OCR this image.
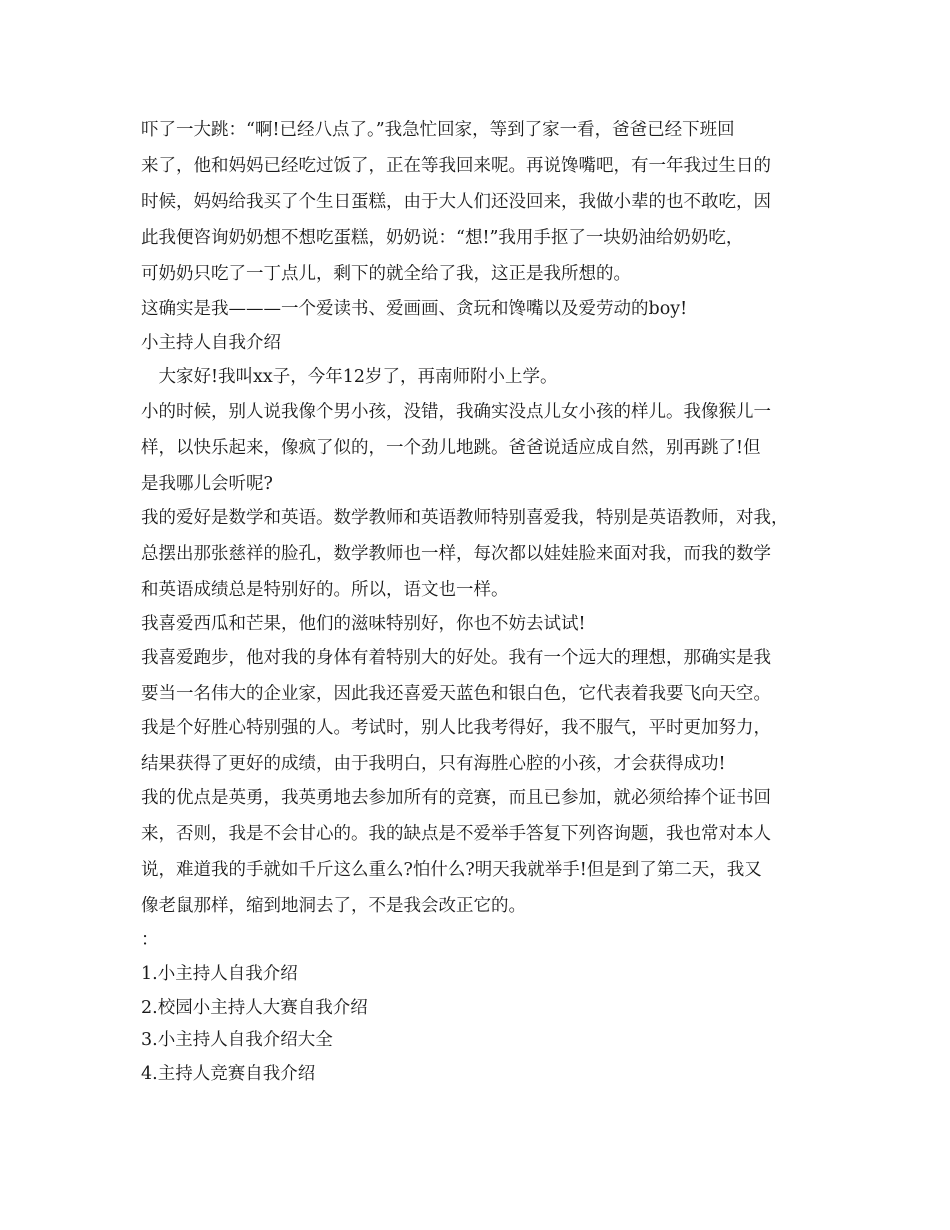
吓了一大跳：“啊!已经八点了。”我急忙回家，等到了家一看，爸爸已经下班回
来了，他和妈妈已经吃过饭了，正在等我回来呢。再说馋嘴吧，有一年我过生日的
时候，妈妈给我买了个生日蛋糕，由于大人们还没回来，我做小辈的也不敢吃，因
此我便咨询奶奶想不想吃蛋糕，奶奶说：“想!”我用手抠了一块奶油给奶奶吃，
可奶奶只吃了一丁点儿，剩下的就全给了我，这正是我所想的。
这确实是我———一个爱读书、爱画画、贪玩和馋嘴以及爱劳动的boy!
小主持人自我介绍
　大家好!我叫xx子，今年12岁了，再南师附小上学。
小的时候，别人说我像个男小孩，没错，我确实没点儿女小孩的样儿。我像猴儿一
样，以快乐起来，像疯了似的，一个劲儿地跳。爸爸说适应成自然，别再跳了!但
是我哪儿会听呢?
我的爱好是数学和英语。数学教师和英语教师特别喜爱我，特别是英语教师，对我，
总摆出那张慈祥的脸孔，数学教师也一样，每次都以娃娃脸来面对我，而我的数学
和英语成绩总是特别好的。所以，语文也一样。
我喜爱西瓜和芒果，他们的滋味特别好，你也不妨去试试!
我喜爱跑步，他对我的身体有着特别大的好处。我有一个远大的理想，那确实是我
要当一名伟大的企业家，因此我还喜爱天蓝色和银白色，它代表着我要飞向天空。
我是个好胜心特别强的人。考试时，别人比我考得好，我不服气，平时更加努力，
结果获得了更好的成绩，由于我明白，只有海胜心腔的小孩，才会获得成功!
我的优点是英勇，我英勇地去参加所有的竞赛，而且已参加，就必须给捧个证书回
来，否则，我是不会甘心的。我的缺点是不爱举手答复下列咨询题，我也常对本人
说，难道我的手就如千斤这么重么?怕什么?明天我就举手!但是到了第二天，我又
像老鼠那样，缩到地洞去了，不是我会改正它的。
：
1.小主持人自我介绍
2.校园小主持人大赛自我介绍
3.小主持人自我介绍大全
4.主持人竞赛自我介绍
